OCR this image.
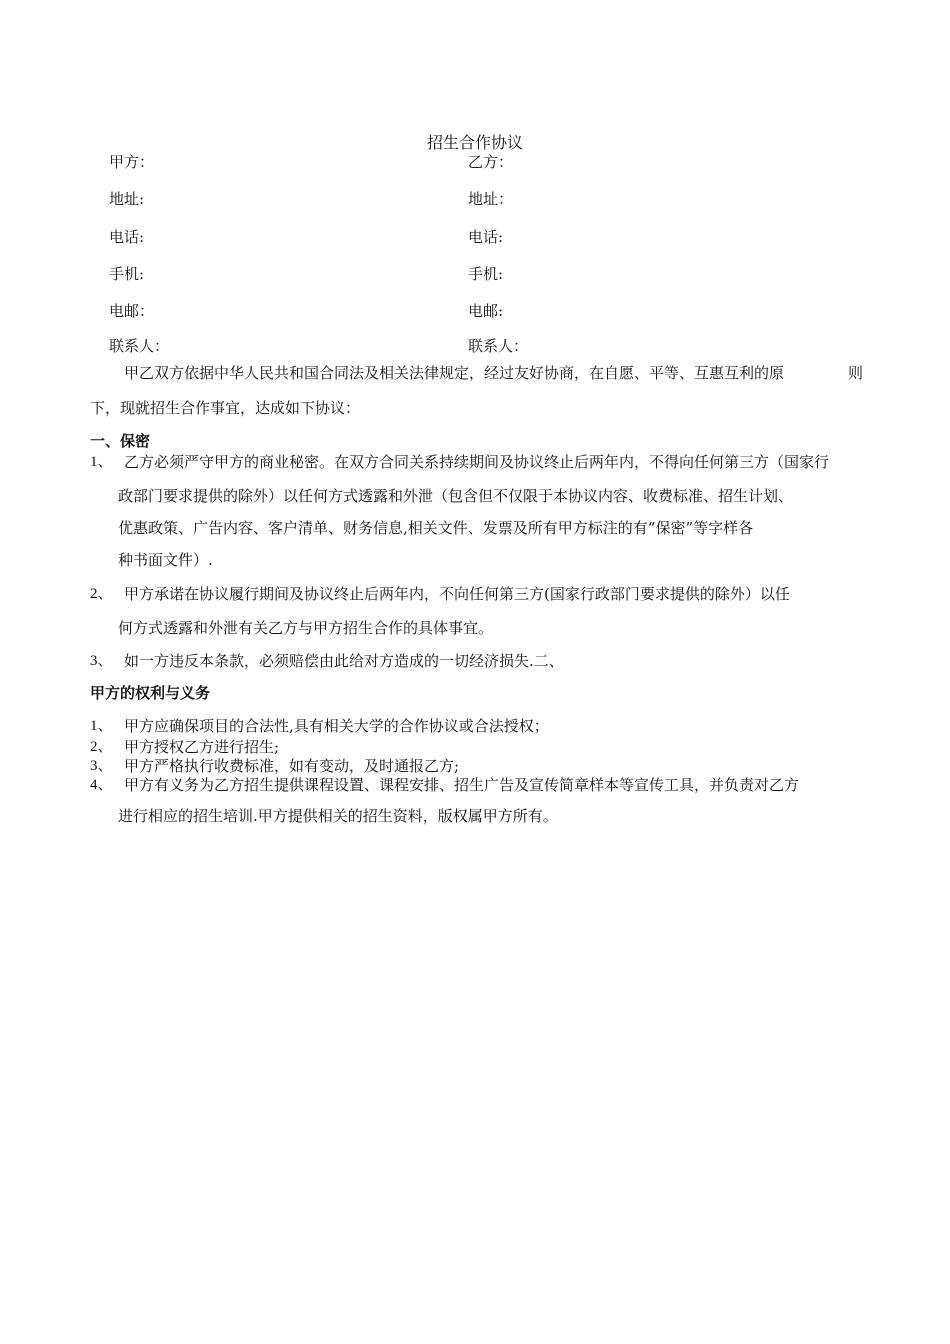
招生合作协议
甲方：
地址:
电话:
手机:
电邮：
联系人：
乙方：
地址：
电话:
手机:
电邮:
联系人：
甲乙双方依据中华人民共和国合同法及相关法律规定，经过友好协商，在自愿、平等、互惠互利的原	则
下，现就招生合作事宜，达成如下协议：
一、保密
1、 乙方必须严守甲方的商业秘密。在双方合同关系持续期间及协议终止后两年内，不得向任何第三方（国家行
政部门要求提供的除外）以任何方式透露和外泄（包含但不仅限于本协议内容、收费标准、招生计划、
优惠政策、广告内容、客户清单、财务信息,相关文件、发票及所有甲方标注的有“保密”等字样各
种书面文件）.
2、 甲方承诺在协议履行期间及协议终止后两年内，不向任何第三方(国家行政部门要求提供的除外）以任
何方式透露和外泄有关乙方与甲方招生合作的具体事宜。
3、 如一方违反本条款，必须赔偿由此给对方造成的一切经济损失.二、
甲方的权利与义务
1、 甲方应确保项目的合法性,具有相关大学的合作协议或合法授权；
2、 甲方授权乙方进行招生;
3、 甲方严格执行收费标准，如有变动，及时通报乙方;
4、 甲方有义务为乙方招生提供课程设置、课程安排、招生广告及宣传简章样本等宣传工具，并负责对乙方
进行相应的招生培训.甲方提供相关的招生资料，版权属甲方所有。
